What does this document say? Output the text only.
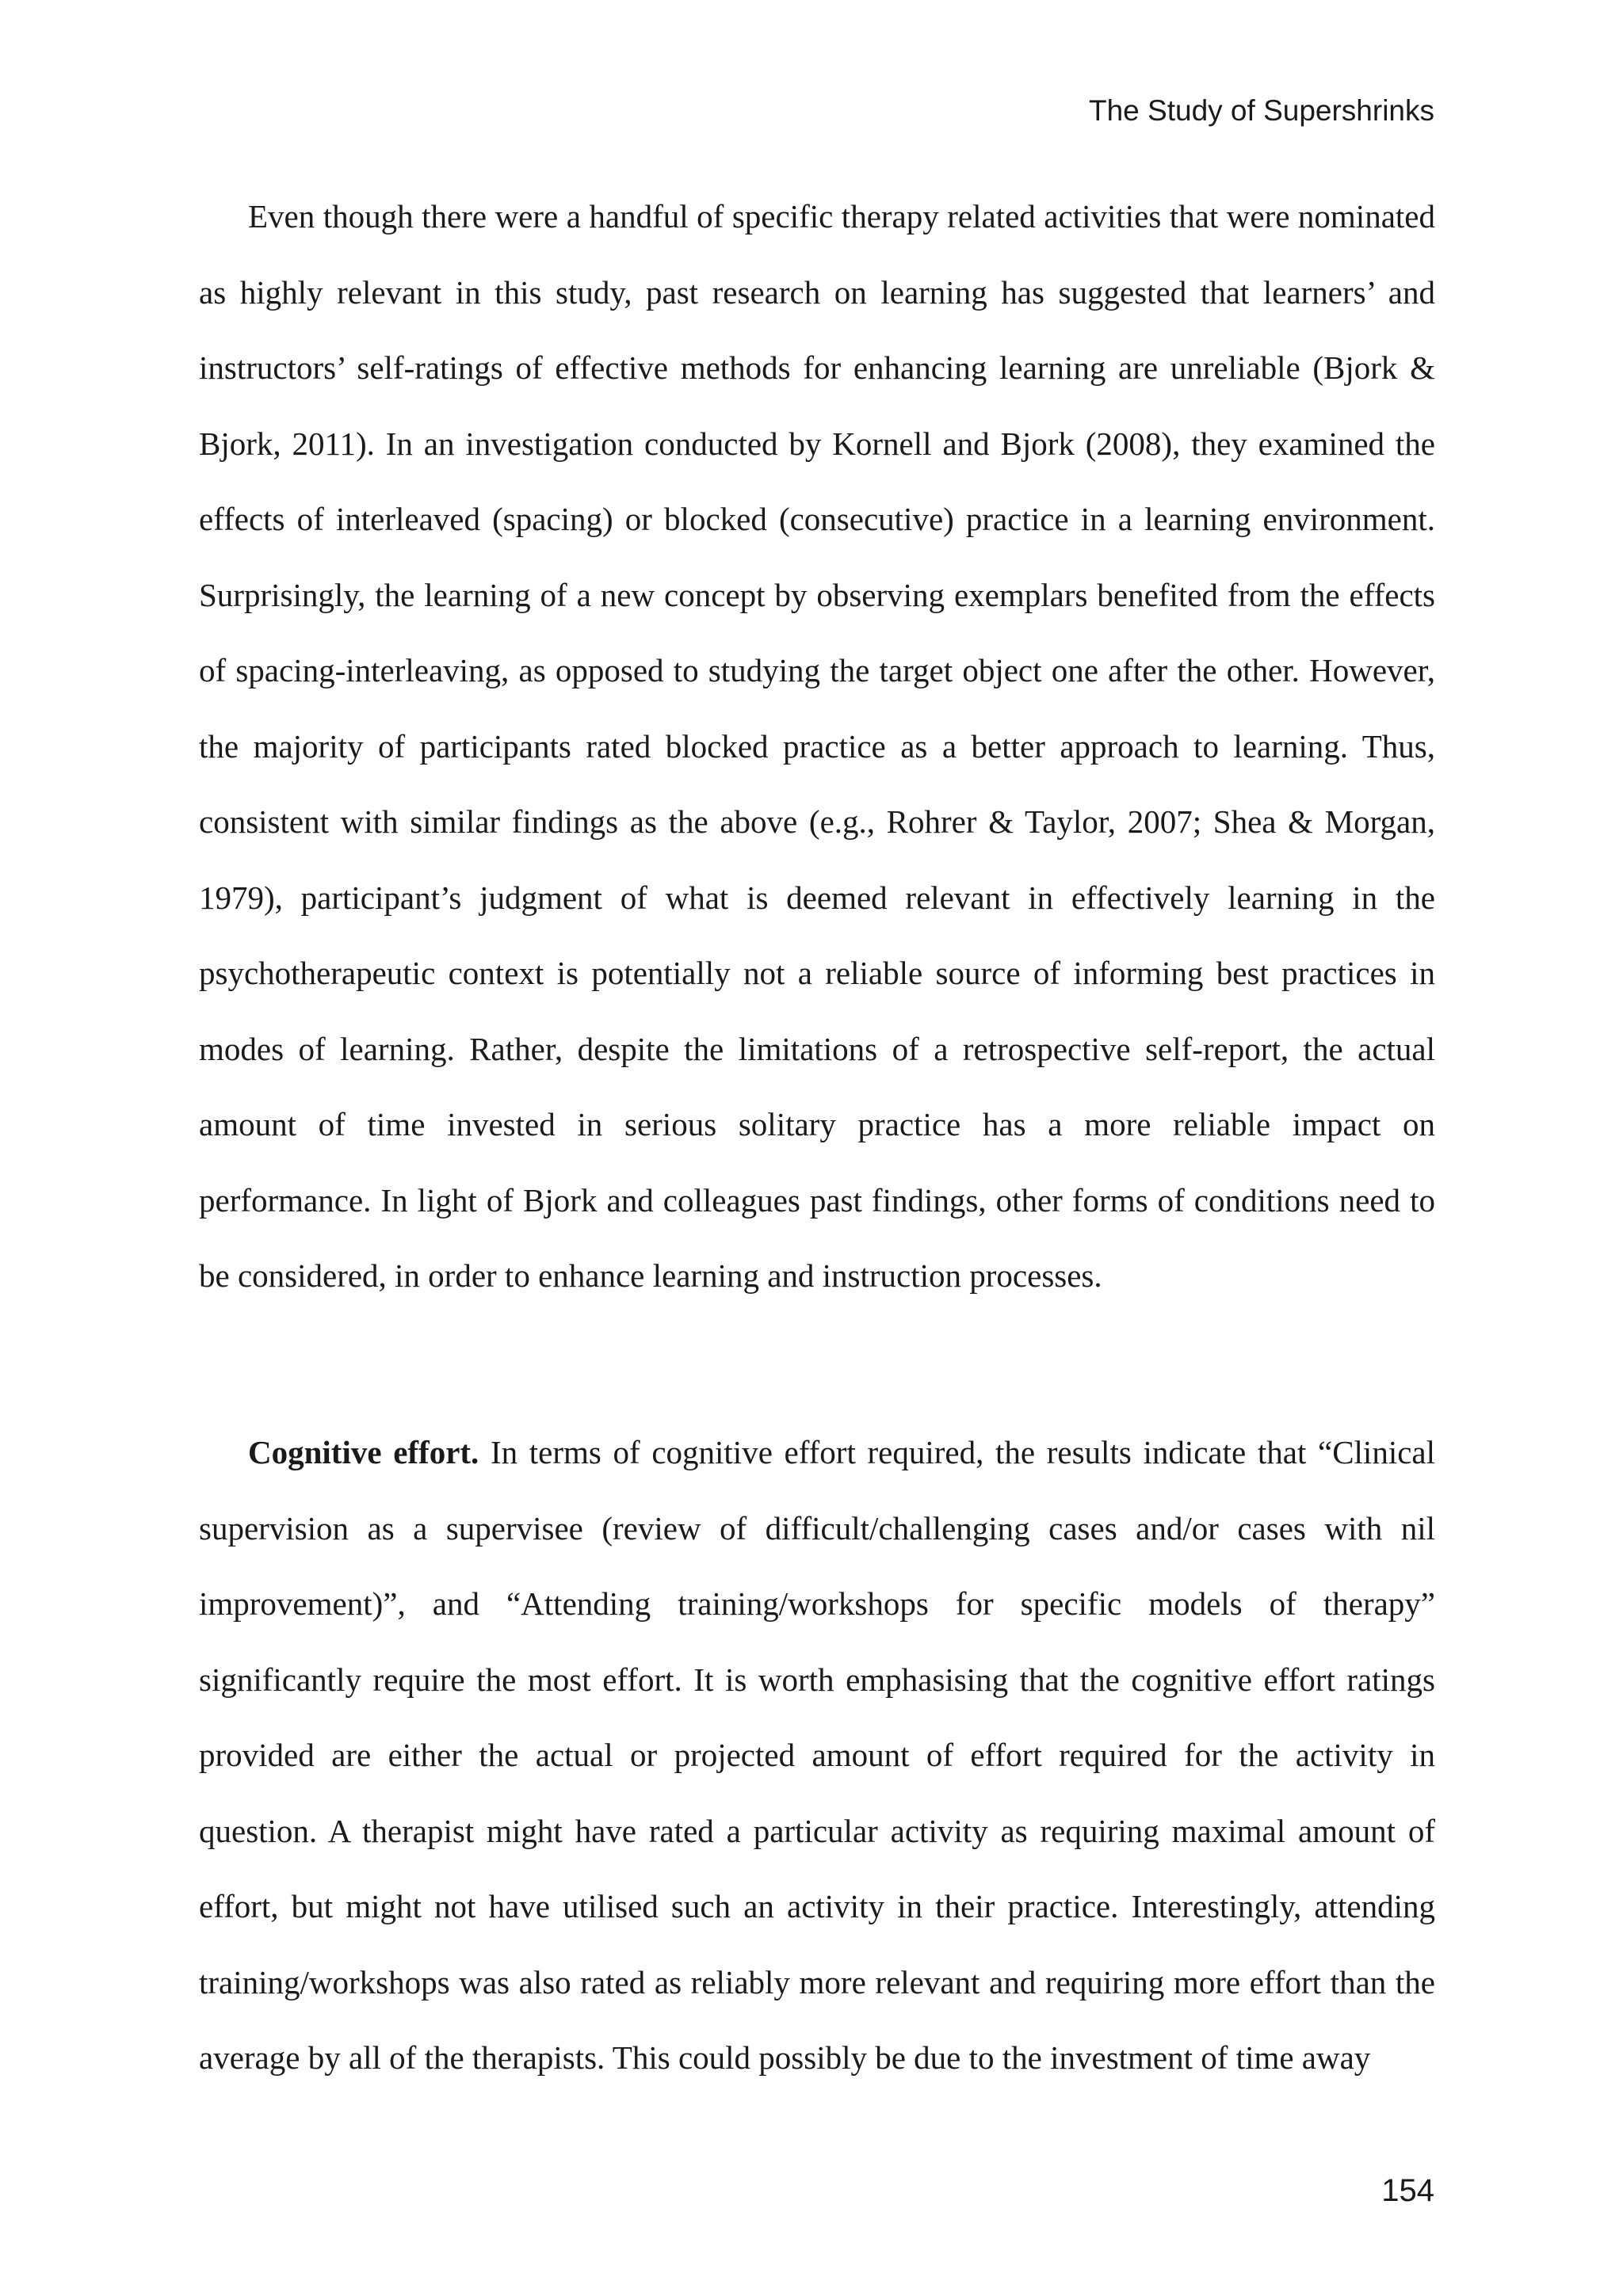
The Study of Supershrinks

Even though there were a handful of specific therapy related activities that were nominated as highly relevant in this study, past research on learning has suggested that learners’ and instructors’ self-ratings of effective methods for enhancing learning are unreliable (Bjork & Bjork, 2011). In an investigation conducted by Kornell and Bjork (2008), they examined the effects of interleaved (spacing) or blocked (consecutive) practice in a learning environment. Surprisingly, the learning of a new concept by observing exemplars benefited from the effects of spacing-interleaving, as opposed to studying the target object one after the other. However, the majority of participants rated blocked practice as a better approach to learning. Thus, consistent with similar findings as the above (e.g., Rohrer & Taylor, 2007; Shea & Morgan, 1979), participant’s judgment of what is deemed relevant in effectively learning in the psychotherapeutic context is potentially not a reliable source of informing best practices in modes of learning. Rather, despite the limitations of a retrospective self-report, the actual amount of time invested in serious solitary practice has a more reliable impact on performance. In light of Bjork and colleagues past findings, other forms of conditions need to be considered, in order to enhance learning and instruction processes.

Cognitive effort. In terms of cognitive effort required, the results indicate that “Clinical supervision as a supervisee (review of difficult/challenging cases and/or cases with nil improvement)”, and “Attending training/workshops for specific models of therapy” significantly require the most effort. It is worth emphasising that the cognitive effort ratings provided are either the actual or projected amount of effort required for the activity in question. A therapist might have rated a particular activity as requiring maximal amount of effort, but might not have utilised such an activity in their practice. Interestingly, attending training/workshops was also rated as reliably more relevant and requiring more effort than the average by all of the therapists. This could possibly be due to the investment of time away

154
